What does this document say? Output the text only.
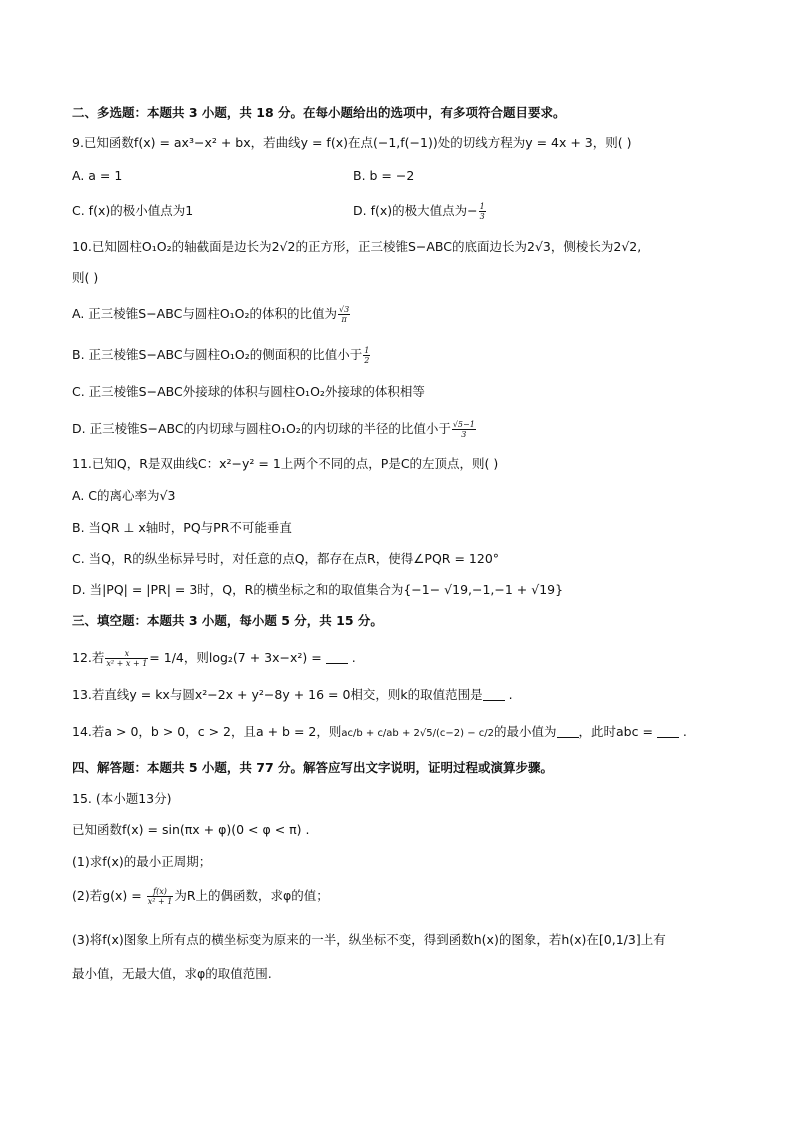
二、多选题：本题共 3 小题，共 18 分。在每小题给出的选项中，有多项符合题目要求。
9.已知函数f(x) = ax³−x² + bx，若曲线y = f(x)在点(−1,f(−1))处的切线方程为y = 4x + 3，则( )
A. a = 1	B. b = −2
C. f(x)的极小值点为1	D. f(x)的极大值点为− $\frac{1}{3}$
10.已知圆柱O₁O₂的轴截面是边长为2√2的正方形，正三棱锥S−ABC的底面边长为2√3，侧棱长为2√2,
则( )
A. 正三棱锥S−ABC与圆柱O₁O₂的体积的比值为 $\frac{√3}{\pi}$
B. 正三棱锥S−ABC与圆柱O₁O₂的侧面积的比值小于 $\frac{1}{2}$
C. 正三棱锥S−ABC外接球的体积与圆柱O₁O₂外接球的体积相等
D. 正三棱锥S−ABC的内切球与圆柱O₁O₂的内切球的半径的比值小于 $\frac{√5-1}{3}$
11.已知Q，R是双曲线C：x²−y² = 1上两个不同的点，P是C的左顶点，则( )
A. C的离心率为√3
B. 当QR ⊥ x轴时，PQ与PR不可能垂直
C. 当Q，R的纵坐标异号时，对任意的点Q，都存在点R，使得∠PQR = 120°
D. 当|PQ| = |PR| = 3时，Q，R的横坐标之和的取值集合为{−1− √19,−1,−1 + √19}
三、填空题：本题共 3 小题，每小题 5 分，共 15 分。
12.若 $\frac{x}{\text{x² + x + 1}} = 1/4$，则log₂(7 + 3x−x²) =  .
13.若直线y = kx与圆x²−2x + y²−8y + 16 = 0相交，则k的取值范围是 .
14.若a > 0，b > 0，c > 2，且a + b = 2，则ac/b + c/ab + 2√5/(c−2) − c/2的最小值为 ，此时abc =  .
四、解答题：本题共 5 小题，共 77 分。解答应写出文字说明，证明过程或演算步骤。
15. (本小题13分)
已知函数f(x) = sin(πx + φ)(0 < φ < π) .
(1)求f(x)的最小正周期；
(2)若$g(x) = \frac{f(x)}{\text{x² + 1}}$ 为R上的偶函数，求φ的值；
(3)将f(x)图象上所有点的横坐标变为原来的一半，纵坐标不变，得到函数h(x)的图象，若h(x)在[0,1/3]上有
最小值，无最大值，求φ的取值范围.
